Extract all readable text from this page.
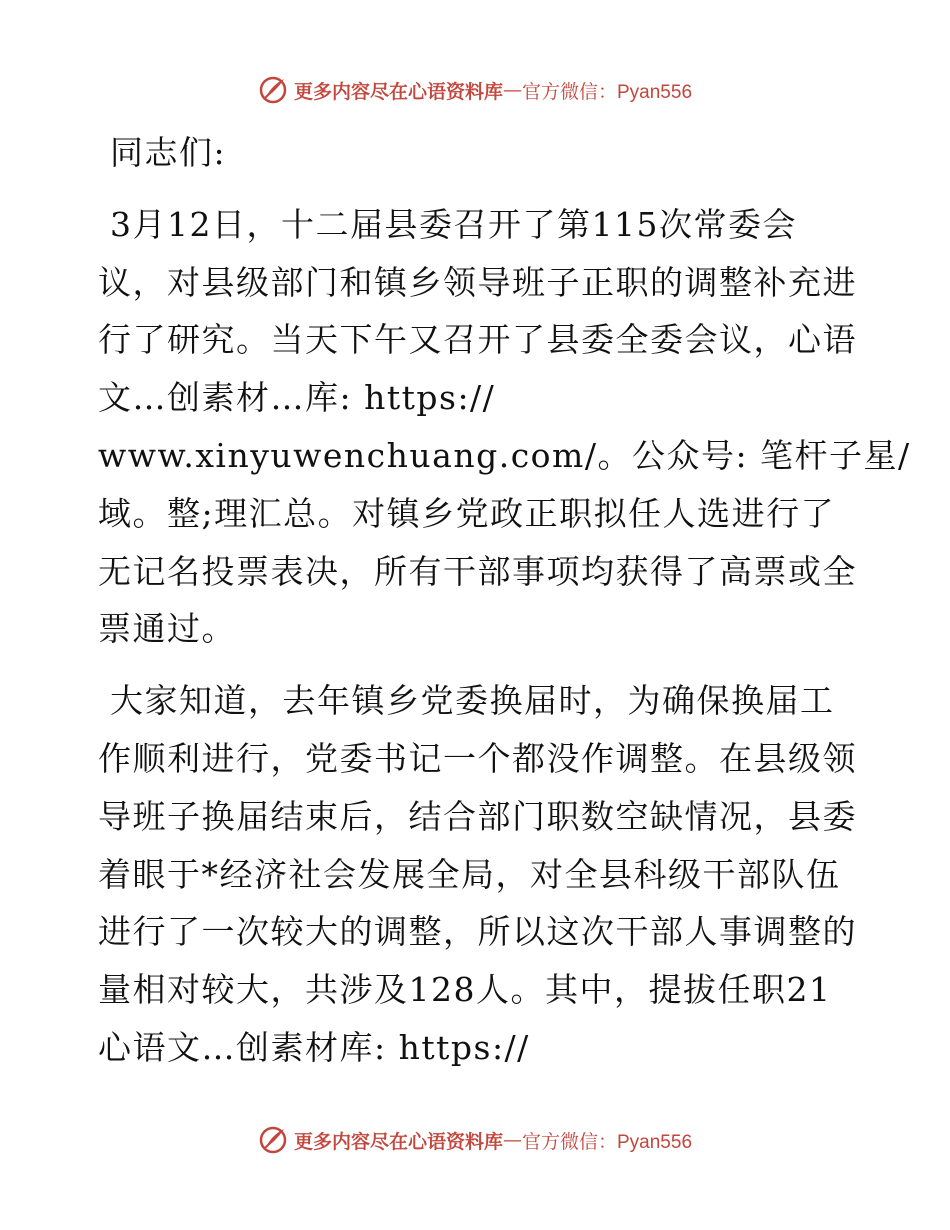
更多内容尽在心语资料库 — 官方微信：Pyan556
同志们:
3月12日，十二届县委召开了第115次常委会
议，对县级部门和镇乡领导班子正职的调整补充进
行了研究。当天下午又召开了县委全委会议，心语
文…创素材…库: https://
www.xinyuwenchuang.com/。公众号: 笔杆子星/
域。整;理汇总。对镇乡党政正职拟任人选进行了
无记名投票表决，所有干部事项均获得了高票或全
票通过。
大家知道，去年镇乡党委换届时，为确保换届工
作顺利进行，党委书记一个都没作调整。在县级领
导班子换届结束后，结合部门职数空缺情况，县委
着眼于*经济社会发展全局，对全县科级干部队伍
进行了一次较大的调整，所以这次干部人事调整的
量相对较大，共涉及128人。其中，提拔任职21
心语文…创素材库: https://
更多内容尽在心语资料库 — 官方微信：Pyan556
